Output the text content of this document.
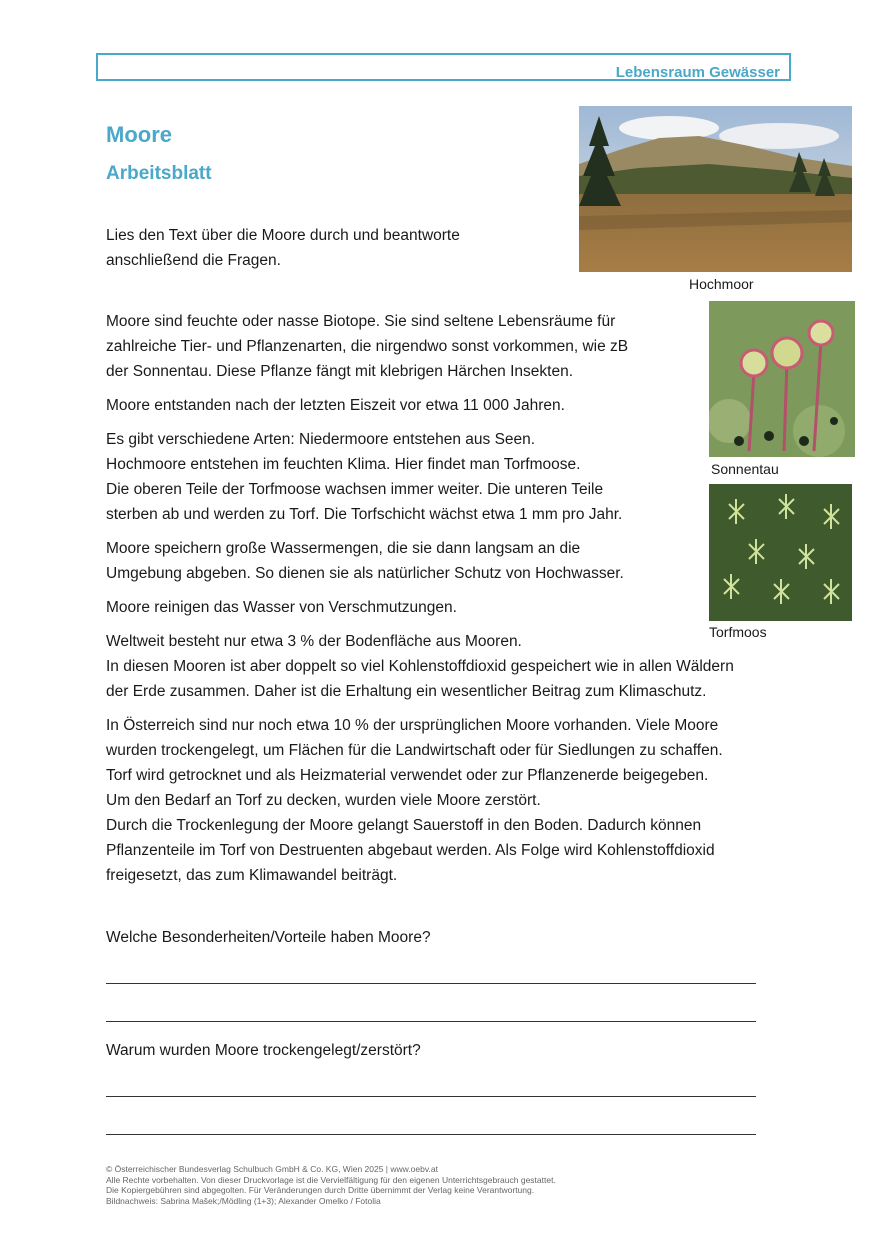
Lebensraum Gewässer
Moore
Arbeitsblatt
Lies den Text über die Moore durch und beantworte
anschließend die Fragen.
Hochmoor
Sonnentau
Torfmoos
Moore sind feuchte oder nasse Biotope. Sie sind seltene Lebensräume für
zahlreiche Tier- und Pflanzenarten, die nirgendwo sonst vorkommen, wie zB
der Sonnentau. Diese Pflanze fängt mit klebrigen Härchen Insekten.
Moore entstanden nach der letzten Eiszeit vor etwa 11 000 Jahren.
Es gibt verschiedene Arten: Niedermoore entstehen aus Seen.
Hochmoore entstehen im feuchten Klima. Hier findet man Torfmoose.
Die oberen Teile der Torfmoose wachsen immer weiter. Die unteren Teile
sterben ab und werden zu Torf. Die Torfschicht wächst etwa 1 mm pro Jahr.
Moore speichern große Wassermengen, die sie dann langsam an die
Umgebung abgeben. So dienen sie als natürlicher Schutz von Hochwasser.
Moore reinigen das Wasser von Verschmutzungen.
Weltweit besteht nur etwa 3 % der Bodenfläche aus Mooren.
In diesen Mooren ist aber doppelt so viel Kohlenstoffdioxid gespeichert wie in allen Wäldern
der Erde zusammen. Daher ist die Erhaltung ein wesentlicher Beitrag zum Klimaschutz.
In Österreich sind nur noch etwa 10 % der ursprünglichen Moore vorhanden. Viele Moore
wurden trockengelegt, um Flächen für die Landwirtschaft oder für Siedlungen zu schaffen.
Torf wird getrocknet und als Heizmaterial verwendet oder zur Pflanzenerde beigegeben.
Um den Bedarf an Torf zu decken, wurden viele Moore zerstört.
Durch die Trockenlegung der Moore gelangt Sauerstoff in den Boden. Dadurch können
Pflanzenteile im Torf von Destruenten abgebaut werden. Als Folge wird Kohlenstoffdioxid
freigesetzt, das zum Klimawandel beiträgt.
Welche Besonderheiten/Vorteile haben Moore?
Warum wurden Moore trockengelegt/zerstört?
© Österreichischer Bundesverlag Schulbuch GmbH & Co. KG, Wien 2025 | www.oebv.at
Alle Rechte vorbehalten. Von dieser Druckvorlage ist die Vervielfältigung für den eigenen Unterrichtsgebrauch gestattet.
Die Kopiergebühren sind abgegolten. Für Veränderungen durch Dritte übernimmt der Verlag keine Verantwortung.
Bildnachweis: Sabrina Mašek;/Mödling (1+3); Alexander Omelko / Fotolia
